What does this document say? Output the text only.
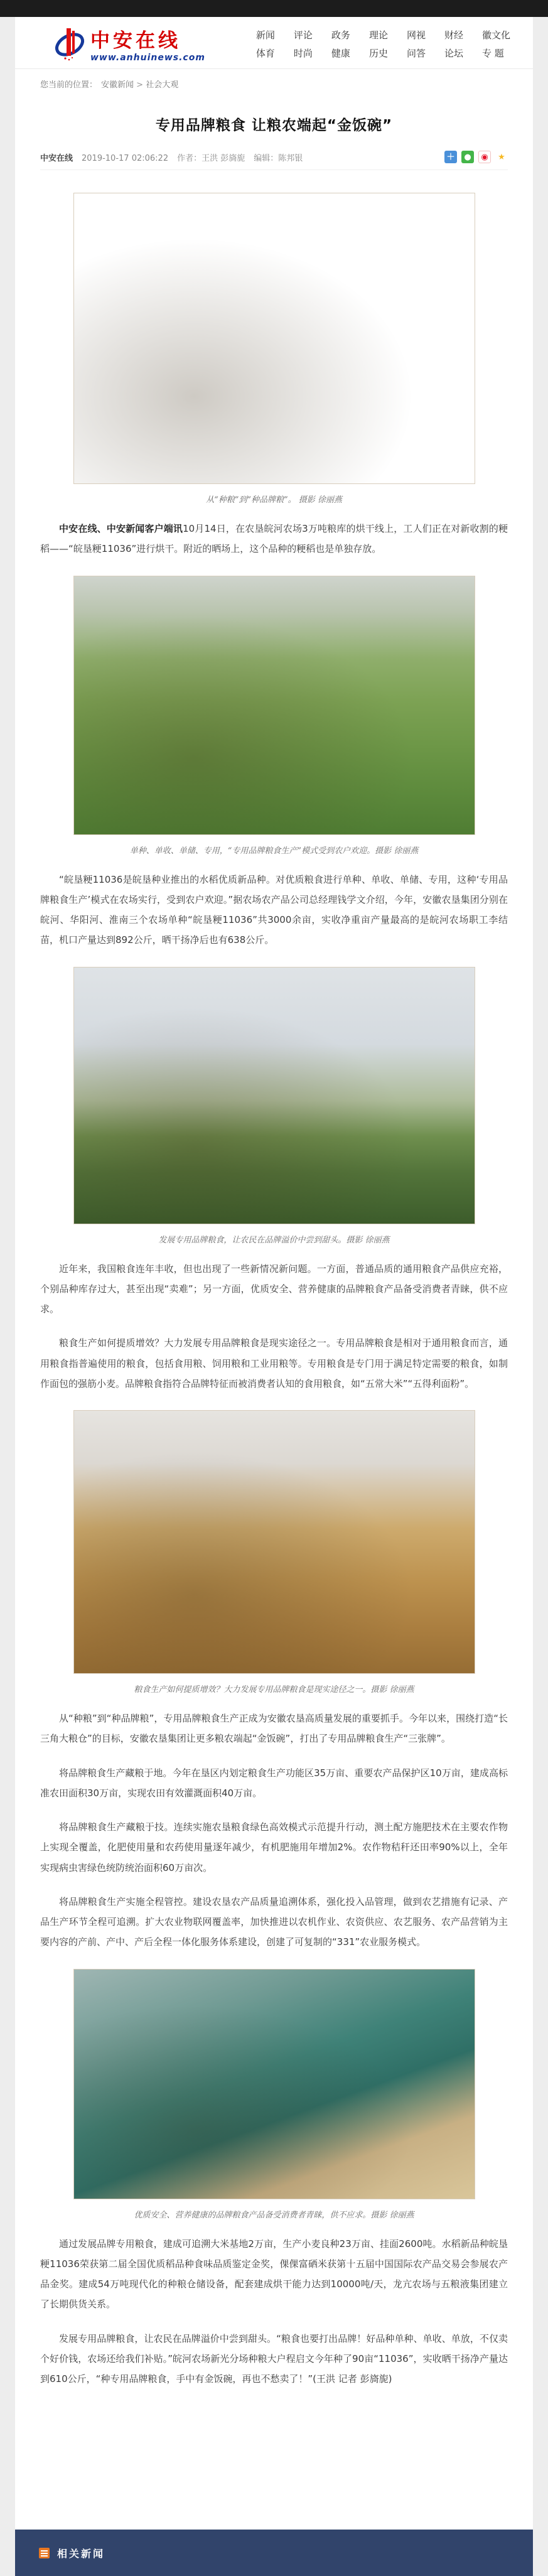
中安在线
www.anhuinews.com
新闻 评论 政务 理论 网视 财经 徽文化
体育 时尚 健康 历史 问答 论坛 专 题
您当前的位置： 安徽新闻 > 社会大观
专用品牌粮食 让粮农端起“金饭碗”
中安在线 2019-10-17 02:06:22 作者：王洪 彭旖旎 编辑：陈邦银	＋	●	◉	★
从“种粮”到“种品牌粮”。 摄影 徐丽燕

中安在线、中安新闻客户端讯10月14日，在农垦皖河农场3万吨粮库的烘干线上，工人们正在对新收割的粳稻——“皖垦粳11036”进行烘干。附近的晒场上，这个品种的粳稻也是单独存放。

单种、单收、单储、专用，“专用品牌粮食生产”模式受到农户欢迎。摄影 徐丽燕

“皖垦粳11036是皖垦种业推出的水稻优质新品种。对优质粮食进行单种、单收、单储、专用，这种‘专用品牌粮食生产’模式在农场实行，受到农户欢迎。”据农场农产品公司总经理钱学文介绍，今年，安徽农垦集团分别在皖河、华阳河、淮南三个农场单种“皖垦粳11036”共3000余亩，实收净重亩产量最高的是皖河农场职工李结苗，机口产量达到892公斤，晒干扬净后也有638公斤。

发展专用品牌粮食，让农民在品牌溢价中尝到甜头。摄影 徐丽燕

近年来，我国粮食连年丰收，但也出现了一些新情况新问题。一方面，普通品质的通用粮食产品供应充裕，个别品种库存过大，甚至出现“卖难”；另一方面，优质安全、营养健康的品牌粮食产品备受消费者青睐，供不应求。

粮食生产如何提质增效？大力发展专用品牌粮食是现实途径之一。专用品牌粮食是相对于通用粮食而言，通用粮食指普遍使用的粮食，包括食用粮、饲用粮和工业用粮等。专用粮食是专门用于满足特定需要的粮食，如制作面包的强筋小麦。品牌粮食指符合品牌特征而被消费者认知的食用粮食，如“五常大米”“五得利面粉”。

粮食生产如何提质增效？大力发展专用品牌粮食是现实途径之一。摄影 徐丽燕

从“种粮”到“种品牌粮”，专用品牌粮食生产正成为安徽农垦高质量发展的重要抓手。今年以来，围绕打造“长三角大粮仓”的目标，安徽农垦集团让更多粮农端起“金饭碗”，打出了专用品牌粮食生产“三张牌”。

将品牌粮食生产藏粮于地。今年在垦区内划定粮食生产功能区35万亩、重要农产品保护区10万亩，建成高标准农田面积30万亩，实现农田有效灌溉面积40万亩。

将品牌粮食生产藏粮于技。连续实施农垦粮食绿色高效模式示范提升行动，测土配方施肥技术在主要农作物上实现全覆盖，化肥使用量和农药使用量逐年减少，有机肥施用年增加2%。农作物秸秆还田率90%以上，全年实现病虫害绿色统防统治面积60万亩次。

将品牌粮食生产实施全程管控。建设农垦农产品质量追溯体系，强化投入品管理，做到农艺措施有记录、产品生产环节全程可追溯。扩大农业物联网覆盖率，加快推进以农机作业、农资供应、农艺服务、农产品营销为主要内容的产前、产中、产后全程一体化服务体系建设，创建了可复制的“331”农业服务模式。

优质安全、营养健康的品牌粮食产品备受消费者青睐，供不应求。摄影 徐丽燕

通过发展品牌专用粮食，建成可追溯大米基地2万亩，生产小麦良种23万亩、挂面2600吨。水稻新品种皖垦粳11036荣获第二届全国优质稻品种食味品质鉴定金奖，倮倮富硒米获第十五届中国国际农产品交易会参展农产品金奖。建成54万吨现代化的种粮仓储设备，配套建成烘干能力达到10000吨/天，龙亢农场与五粮液集团建立了长期供货关系。

发展专用品牌粮食，让农民在品牌溢价中尝到甜头。“粮食也要打出品牌！好品种单种、单收、单放，不仅卖个好价钱，农场还给我们补贴。”皖河农场新光分场种粮大户程启文今年种了90亩“11036”，实收晒干扬净产量达到610公斤，“种专用品牌粮食，手中有金饭碗，再也不愁卖了！”(王洪 记者 彭旖旎)

相关新闻
